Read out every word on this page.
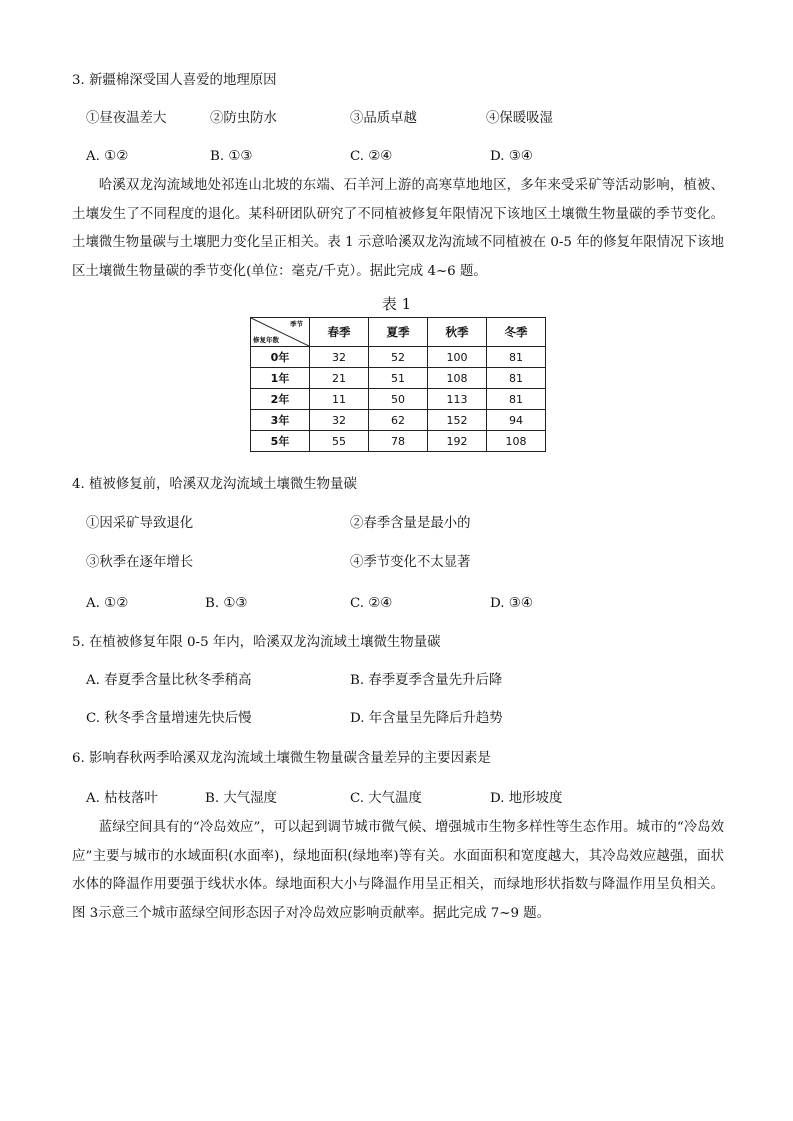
3. 新疆棉深受国人喜爱的地理原因
①昼夜温差大	②防虫防水	③品质卓越	④保暖吸湿
A. ①②	B. ①③	C. ②④	D. ③④
哈溪双龙沟流域地处祁连山北坡的东端、石羊河上游的高寒草地地区，多年来受采矿等活动影响，植被、土壤发生了不同程度的退化。某科研团队研究了不同植被修复年限情况下该地区土壤微生物量碳的季节变化。土壤微生物量碳与土壤肥力变化呈正相关。表 1 示意哈溪双龙沟流域不同植被在 0-5 年的修复年限情况下该地区土壤微生物量碳的季节变化(单位：毫克/千克）。据此完成 4~6 题。
表 1
季节
修复年数	春季	夏季	秋季	冬季
0年	32	52	100	81
1年	21	51	108	81
2年	11	50	113	81
3年	32	62	152	94
5年	55	78	192	108
4. 植被修复前，哈溪双龙沟流域土壤微生物量碳
①因采矿导致退化	②春季含量是最小的
③秋季在逐年增长	④季节变化不太显著
A. ①②	B. ①③	C. ②④	D. ③④
5. 在植被修复年限 0-5 年内，哈溪双龙沟流域土壤微生物量碳
A. 春夏季含量比秋冬季稍高	B. 春季夏季含量先升后降
C. 秋冬季含量增速先快后慢	D. 年含量呈先降后升趋势
6. 影响春秋两季哈溪双龙沟流域土壤微生物量碳含量差异的主要因素是
A. 枯枝落叶	B. 大气湿度	C. 大气温度	D. 地形坡度
蓝绿空间具有的“冷岛效应”，可以起到调节城市微气候、增强城市生物多样性等生态作用。城市的“冷岛效应”主要与城市的水域面积(水面率)，绿地面积(绿地率)等有关。水面面积和宽度越大，其冷岛效应越强，面状水体的降温作用要强于线状水体。绿地面积大小与降温作用呈正相关，而绿地形状指数与降温作用呈负相关。图 3示意三个城市蓝绿空间形态因子对冷岛效应影响贡献率。据此完成 7~9 题。
